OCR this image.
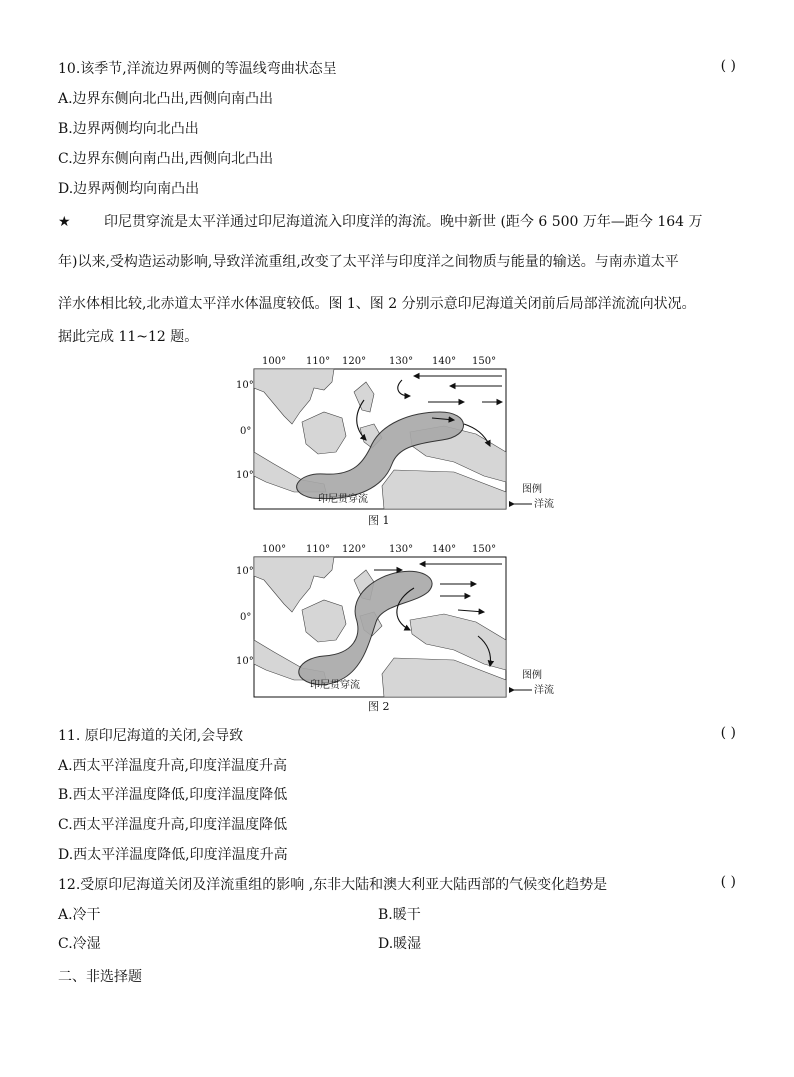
10.该季节,洋流边界两侧的等温线弯曲状态呈	( )
A.边界东侧向北凸出,西侧向南凸出
B.边界两侧均向北凸出
C.边界东侧向南凸出,西侧向北凸出
D.边界两侧均向南凸出
★ 印尼贯穿流是太平洋通过印尼海道流入印度洋的海流。晚中新世 (距今 6 500 万年—距今 164 万
年)以来,受构造运动影响,导致洋流重组,改变了太平洋与印度洋之间物质与能量的输送。与南赤道太平
洋水体相比较,北赤道太平洋水体温度较低。图 1、图 2 分别示意印尼海道关闭前后局部洋流流向状况。
据此完成 11~12 题。
100° 110° 120° 130° 140° 150°
10°
0°
10°
印尼贯穿流
图例
洋流
图 1
100° 110° 120° 130° 140° 150°
10°
0°
10°
印尼贯穿流
图例
洋流
图 2
11. 原印尼海道的关闭,会导致	( )
A.西太平洋温度升高,印度洋温度升高
B.西太平洋温度降低,印度洋温度降低
C.西太平洋温度升高,印度洋温度降低
D.西太平洋温度降低,印度洋温度升高
12.受原印尼海道关闭及洋流重组的影响 ,东非大陆和澳大利亚大陆西部的气候变化趋势是	( )
A.冷干	B.暖干
C.冷湿	D.暖湿
二、非选择题
